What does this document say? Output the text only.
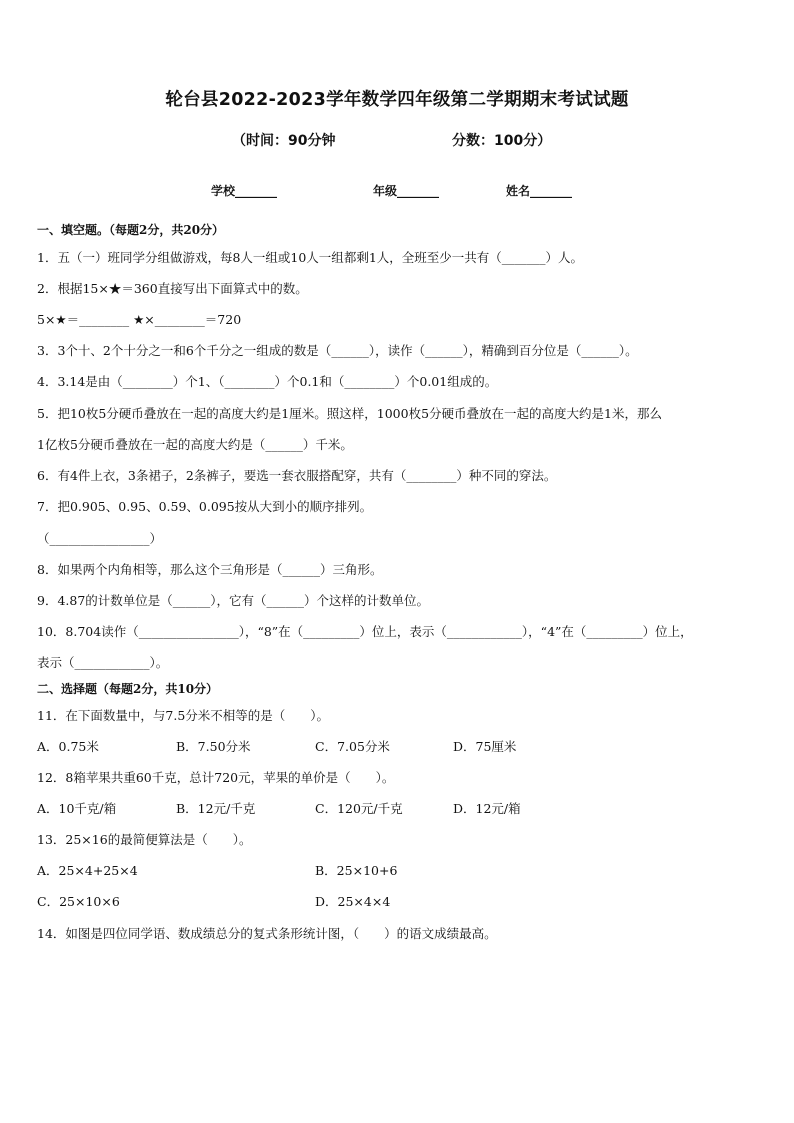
轮台县2022-2023学年数学四年级第二学期期末考试试题
（时间：90分钟	分数：100分）
学校_______	年级_______	姓名_______
一、填空题。（每题2分，共20分）
1．五（一）班同学分组做游戏，每8人一组或10人一组都剩1人，全班至少一共有（_______）人。
2．根据15×★＝360直接写出下面算式中的数。
5×★＝________ ★×________＝720
3．3个十、2个十分之一和6个千分之一组成的数是（______），读作（______），精确到百分位是（______）。
4．3.14是由（________）个1、（________）个0.1和（________）个0.01组成的。
5．把10枚5分硬币叠放在一起的高度大约是1厘米。照这样，1000枚5分硬币叠放在一起的高度大约是1米，那么
1亿枚5分硬币叠放在一起的高度大约是（______）千米。
6．有4件上衣，3条裙子，2条裤子，要选一套衣服搭配穿，共有（________）种不同的穿法。
7．把0.905、0.95、0.59、0.095按从大到小的顺序排列。
（________________）
8．如果两个内角相等，那么这个三角形是（______）三角形。
9．4.87的计数单位是（______），它有（______）个这样的计数单位。
10．8.704读作（________________），“8”在（_________）位上，表示（____________），“4”在（_________）位上，
表示（____________）。
二、选择题（每题2分，共10分）
11．在下面数量中，与7.5分米不相等的是（　　）。
A．0.75米	B．7.50分米	C．7.05分米	D．75厘米
12．8箱苹果共重60千克，总计720元，苹果的单价是（　　）。
A．10千克/箱	B．12元/千克	C．120元/千克	D．12元/箱
13．25×16的最简便算法是（　　）。
A．25×4+25×4	B．25×10+6
C．25×10×6	D．25×4×4
14．如图是四位同学语、数成绩总分的复式条形统计图，（　　）的语文成绩最高。
